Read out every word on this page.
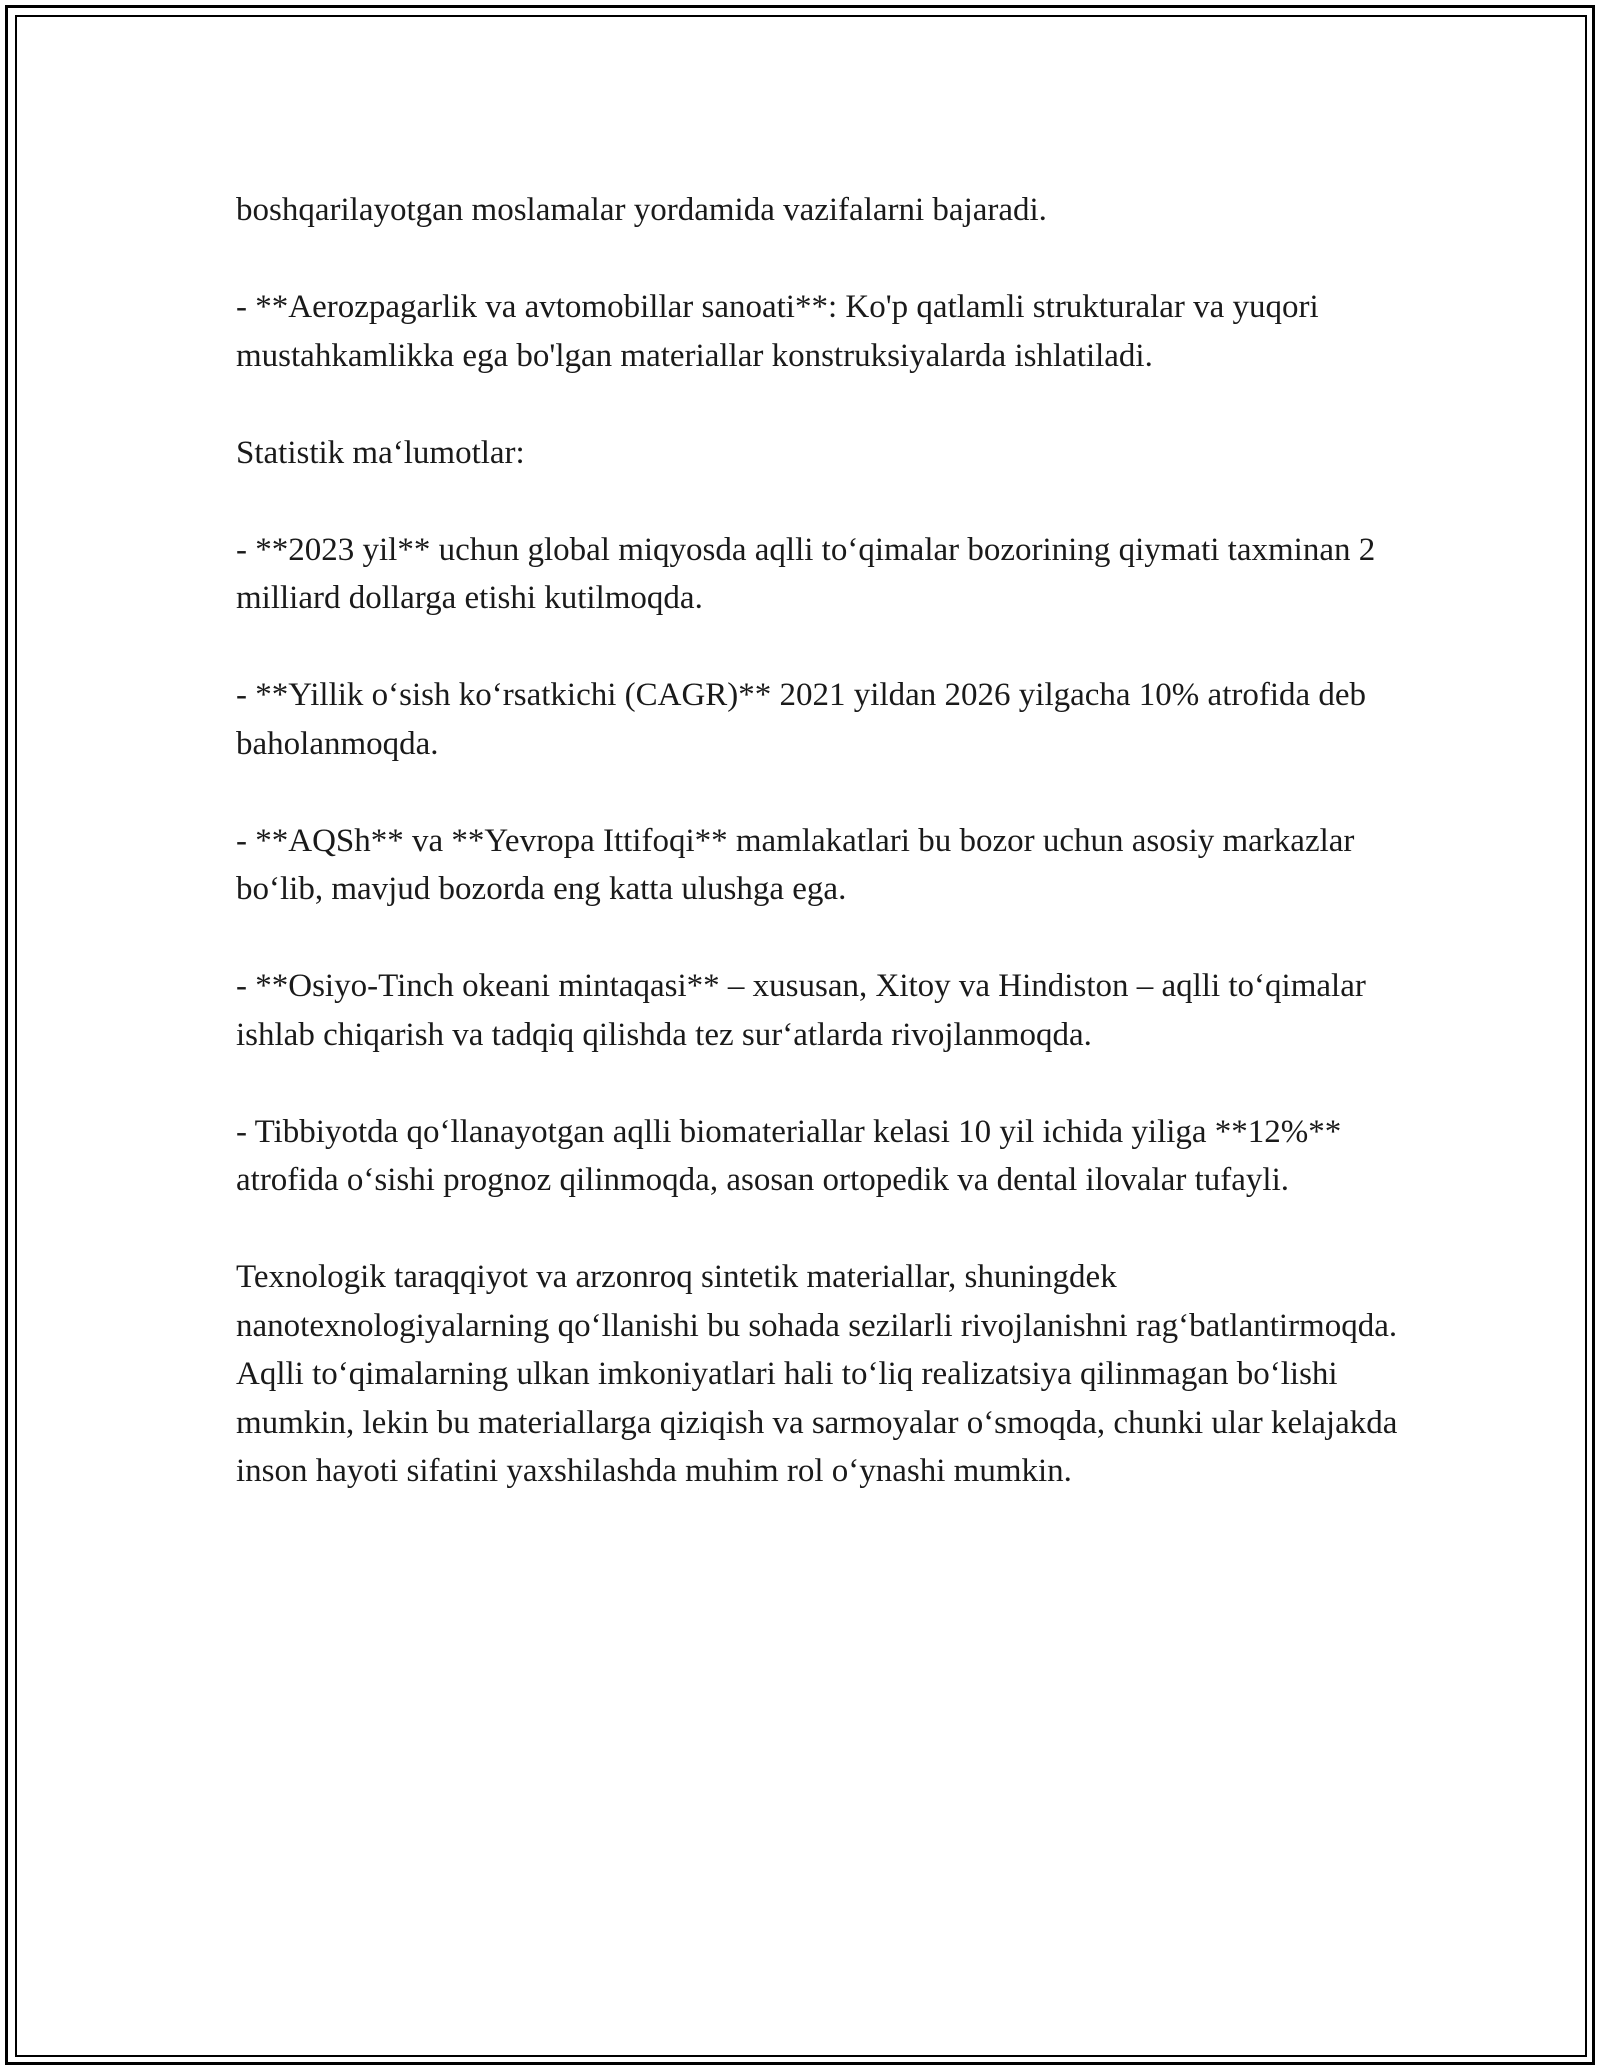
boshqarilayotgan moslamalar yordamida vazifalarni bajaradi.

- **Aerozpagarlik va avtomobillar sanoati**: Ko'p qatlamli strukturalar va yuqori mustahkamlikka ega bo'lgan materiallar konstruksiyalarda ishlatiladi.

Statistik maʻlumotlar:

- **2023 yil** uchun global miqyosda aqlli toʻqimalar bozorining qiymati taxminan 2 milliard dollarga etishi kutilmoqda.

- **Yillik oʻsish koʻrsatkichi (CAGR)** 2021 yildan 2026 yilgacha 10% atrofida deb baholanmoqda.

- **AQSh** va **Yevropa Ittifoqi** mamlakatlari bu bozor uchun asosiy markazlar boʻlib, mavjud bozorda eng katta ulushga ega.

- **Osiyo-Tinch okeani mintaqasi** – xususan, Xitoy va Hindiston – aqlli toʻqimalar ishlab chiqarish va tadqiq qilishda tez surʻatlarda rivojlanmoqda.

- Tibbiyotda qoʻllanayotgan aqlli biomateriallar kelasi 10 yil ichida yiliga **12%** atrofida oʻsishi prognoz qilinmoqda, asosan ortopedik va dental ilovalar tufayli.

Texnologik taraqqiyot va arzonroq sintetik materiallar, shuningdek nanotexnologiyalarning qoʻllanishi bu sohada sezilarli rivojlanishni ragʻbatlantirmoqda. Aqlli toʻqimalarning ulkan imkoniyatlari hali toʻliq realizatsiya qilinmagan boʻlishi mumkin, lekin bu materiallarga qiziqish va sarmoyalar oʻsmoqda, chunki ular kelajakda inson hayoti sifatini yaxshilashda muhim rol oʻynashi mumkin.
